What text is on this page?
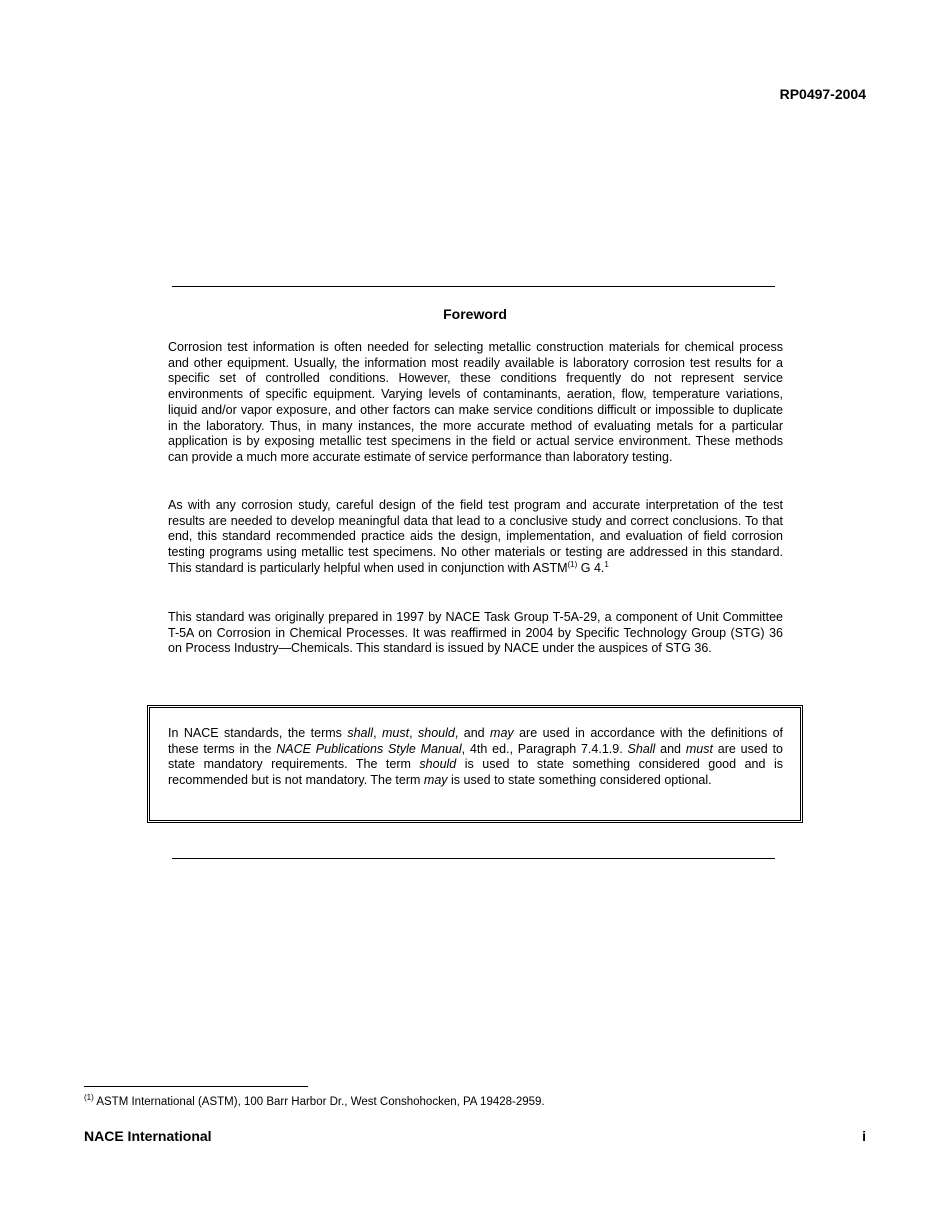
RP0497-2004
Foreword

Corrosion test information is often needed for selecting metallic construction materials for chemical process and other equipment. Usually, the information most readily available is laboratory corrosion test results for a specific set of controlled conditions. However, these conditions frequently do not represent service environments of specific equipment. Varying levels of contaminants, aeration, flow, temperature variations, liquid and/or vapor exposure, and other factors can make service conditions difficult or impossible to duplicate in the laboratory. Thus, in many instances, the more accurate method of evaluating metals for a particular application is by exposing metallic test specimens in the field or actual service environment. These methods can provide a much more accurate estimate of service performance than laboratory testing.

As with any corrosion study, careful design of the field test program and accurate interpretation of the test results are needed to develop meaningful data that lead to a conclusive study and correct conclusions. To that end, this standard recommended practice aids the design, implementation, and evaluation of field corrosion testing programs using metallic test specimens. No other materials or testing are addressed in this standard. This standard is particularly helpful when used in conjunction with ASTM$^{(1)}$ G 4.$^1$

This standard was originally prepared in 1997 by NACE Task Group T-5A-29, a component of Unit Committee T-5A on Corrosion in Chemical Processes. It was reaffirmed in 2004 by Specific Technology Group (STG) 36 on Process Industry—Chemicals. This standard is issued by NACE under the auspices of STG 36.

In NACE standards, the terms shall, must, should, and may are used in accordance with the definitions of these terms in the NACE Publications Style Manual, 4th ed., Paragraph 7.4.1.9. Shall and must are used to state mandatory requirements. The term should is used to state something considered good and is recommended but is not mandatory. The term may is used to state something considered optional.

$^{(1)}$ ASTM International (ASTM), 100 Barr Harbor Dr., West Conshohocken, PA 19428-2959.
NACE International	i
